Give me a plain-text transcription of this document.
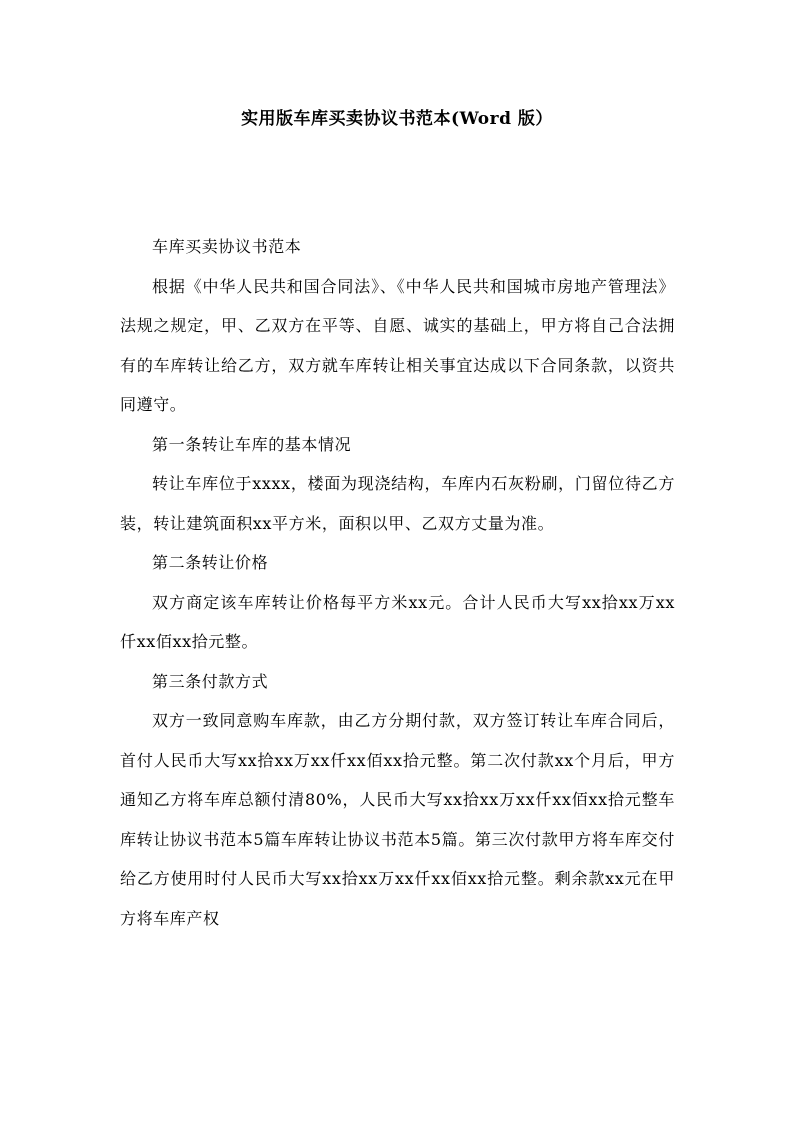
实用版车库买卖协议书范本(Word 版）

车库买卖协议书范本

根据《中华人民共和国合同法》、《中华人民共和国城市房地产管理法》法规之规定，甲、乙双方在平等、自愿、诚实的基础上，甲方将自己合法拥有的车库转让给乙方，双方就车库转让相关事宜达成以下合同条款，以资共同遵守。

第一条转让车库的基本情况

转让车库位于xxxx，楼面为现浇结构，车库内石灰粉刷，门留位待乙方装，转让建筑面积xx平方米，面积以甲、乙双方丈量为准。

第二条转让价格

双方商定该车库转让价格每平方米xx元。合计人民币大写xx拾xx万xx仟xx佰xx拾元整。

第三条付款方式

双方一致同意购车库款，由乙方分期付款，双方签订转让车库合同后，首付人民币大写xx拾xx万xx仟xx佰xx拾元整。第二次付款xx个月后，甲方通知乙方将车库总额付清80%，人民币大写xx拾xx万xx仟xx佰xx拾元整车库转让协议书范本5篇车库转让协议书范本5篇。第三次付款甲方将车库交付给乙方使用时付人民币大写xx拾xx万xx仟xx佰xx拾元整。剩余款xx元在甲方将车库产权
